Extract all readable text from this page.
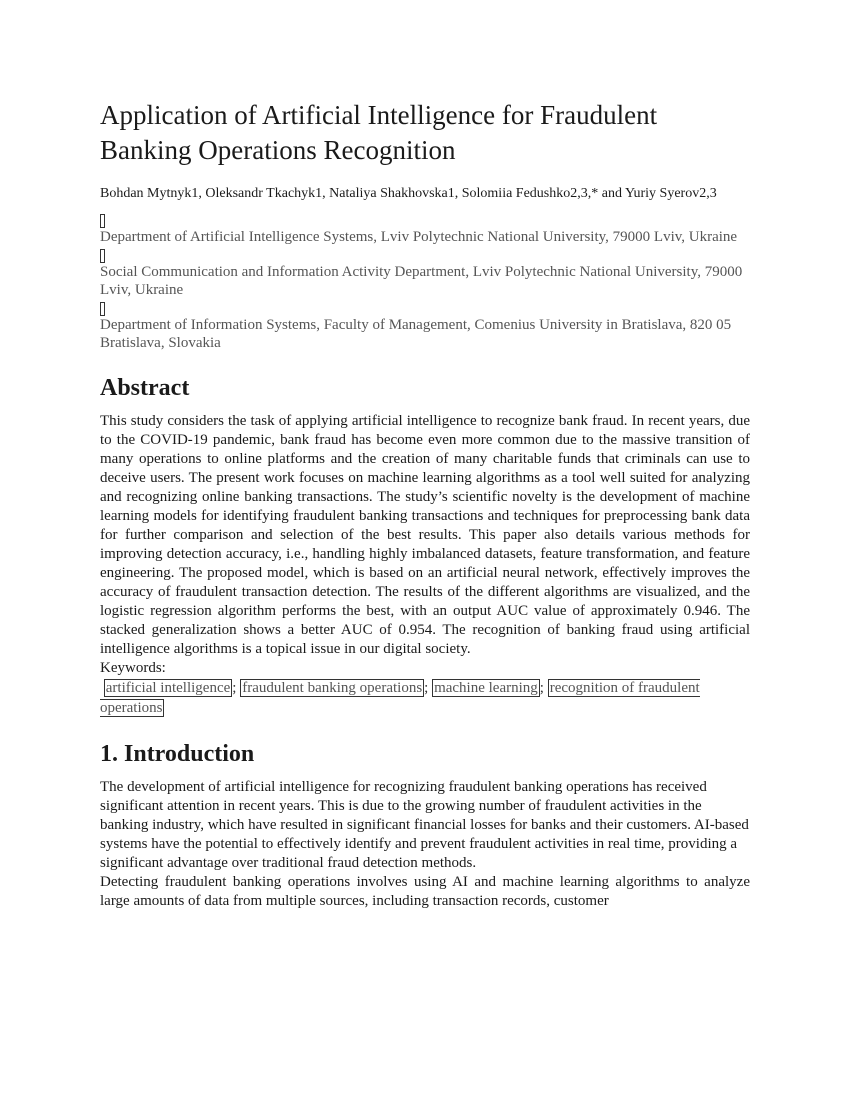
Application of Artificial Intelligence for Fraudulent Banking Operations Recognition

Bohdan Mytnyk1, Oleksandr Tkachyk1, Nataliya Shakhovska1, Solomiia Fedushko2,3,* and Yuriy Syerov2,3

Department of Artificial Intelligence Systems, Lviv Polytechnic National University, 79000 Lviv, Ukraine
Social Communication and Information Activity Department, Lviv Polytechnic National University, 79000 Lviv, Ukraine
Department of Information Systems, Faculty of Management, Comenius University in Bratislava, 820 05 Bratislava, Slovakia
Abstract

This study considers the task of applying artificial intelligence to recognize bank fraud. In recent years, due to the COVID-19 pandemic, bank fraud has become even more common due to the massive transition of many operations to online platforms and the creation of many charitable funds that criminals can use to deceive users. The present work focuses on machine learning algorithms as a tool well suited for analyzing and recognizing online banking transactions. The study’s scientific novelty is the development of machine learning models for identifying fraudulent banking transactions and techniques for preprocessing bank data for further comparison and selection of the best results. This paper also details various methods for improving detection accuracy, i.e., handling highly imbalanced datasets, feature transformation, and feature engineering. The proposed model, which is based on an artificial neural network, effectively improves the accuracy of fraudulent transaction detection. The results of the different algorithms are visualized, and the logistic regression algorithm performs the best, with an output AUC value of approximately 0.946. The stacked generalization shows a better AUC of 0.954. The recognition of banking fraud using artificial intelligence algorithms is a topical issue in our digital society.

Keywords:
artificial intelligence ; fraudulent banking operations ; machine learning ; recognition of fraudulent operations
1. Introduction

The development of artificial intelligence for recognizing fraudulent banking operations has received significant attention in recent years. This is due to the growing number of fraudulent activities in the banking industry, which have resulted in significant financial losses for banks and their customers. AI-based systems have the potential to effectively identify and prevent fraudulent activities in real time, providing a significant advantage over traditional fraud detection methods.

Detecting fraudulent banking operations involves using AI and machine learning algorithms to analyze large amounts of data from multiple sources, including transaction records, customer
